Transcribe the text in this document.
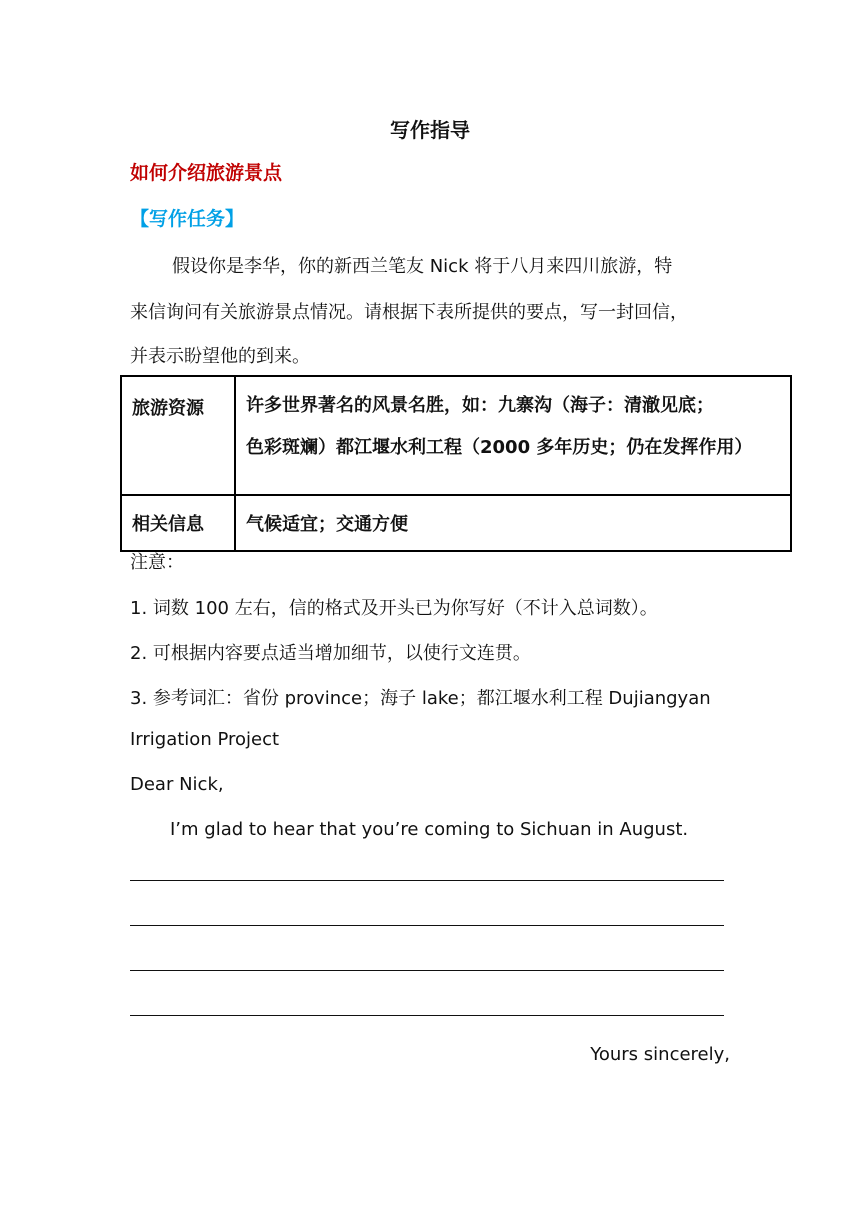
写作指导
如何介绍旅游景点
【写作任务】
假设你是李华，你的新西兰笔友 Nick 将于八月来四川旅游，特
来信询问有关旅游景点情况。请根据下表所提供的要点，写一封回信，
并表示盼望他的到来。
旅游资源	许多世界著名的风景名胜，如：九寨沟（海子：清澈见底；
色彩斑斓）都江堰水利工程（2000 多年历史；仍在发挥作用）

相关信息	气候适宜；交通方便
注意：
1. 词数 100 左右，信的格式及开头已为你写好（不计入总词数）。
2. 可根据内容要点适当增加细节，以使行文连贯。
3. 参考词汇：省份 province；海子 lake；都江堰水利工程 Dujiangyan
Irrigation Project
Dear Nick,
I’m glad to hear that you’re coming to Sichuan in August.
Yours sincerely,
